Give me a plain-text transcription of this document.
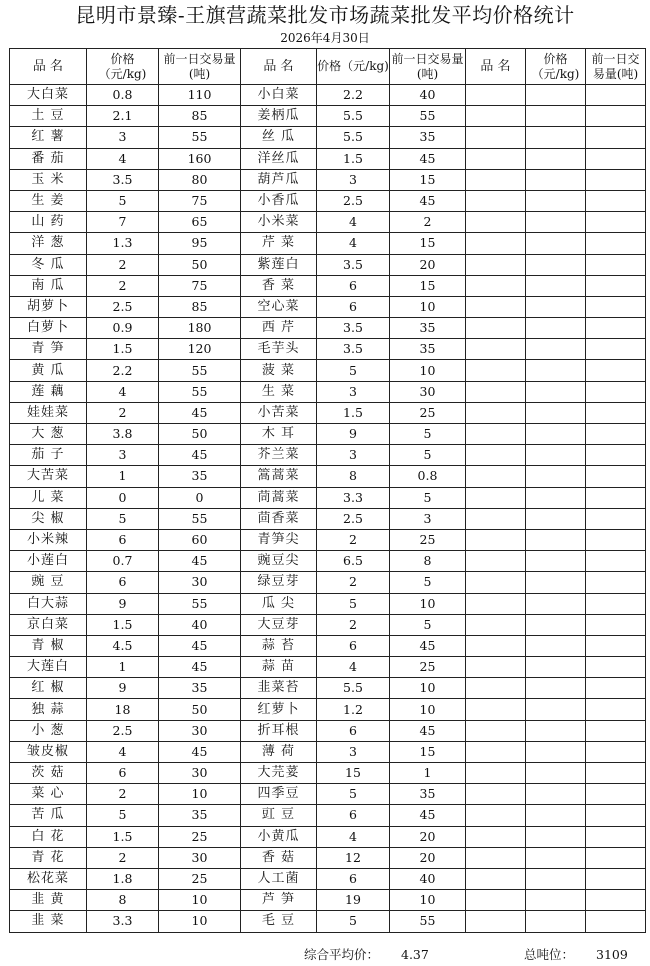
昆明市景臻-王旗营蔬菜批发市场蔬菜批发平均价格统计
2026年4月30日
品 名	价格（元/kg)	前一日交易量(吨)	品 名	价格（元/kg)	前一日交易量(吨)	品 名	价格（元/kg)	前一日交易量(吨)
大白菜	0.8	110	小白菜	2.2	40			
土 豆	2.1	85	姜柄瓜	5.5	55			
红 薯	3	55	丝 瓜	5.5	35			
番 茄	4	160	洋丝瓜	1.5	45			
玉 米	3.5	80	葫芦瓜	3	15			
生 姜	5	75	小香瓜	2.5	45			
山 药	7	65	小米菜	4	2			
洋 葱	1.3	95	芹 菜	4	15			
冬 瓜	2	50	紫莲白	3.5	20			
南 瓜	2	75	香 菜	6	15			
胡萝卜	2.5	85	空心菜	6	10			
白萝卜	0.9	180	西 芹	3.5	35			
青 笋	1.5	120	毛芋头	3.5	35			
黄 瓜	2.2	55	菠 菜	5	10			
莲 藕	4	55	生 菜	3	30			
娃娃菜	2	45	小苦菜	1.5	25			
大 葱	3.8	50	木 耳	9	5			
茄 子	3	45	芥兰菜	3	5			
大苦菜	1	35	篙蒿菜	8	0.8			
儿 菜	0	0	茼蒿菜	3.3	5			
尖 椒	5	55	茴香菜	2.5	3			
小米辣	6	60	青笋尖	2	25			
小莲白	0.7	45	豌豆尖	6.5	8			
豌 豆	6	30	绿豆芽	2	5			
白大蒜	9	55	瓜 尖	5	10			
京白菜	1.5	40	大豆芽	2	5			
青 椒	4.5	45	蒜 苔	6	45			
大莲白	1	45	蒜 苗	4	25			
红 椒	9	35	韭菜苔	5.5	10			
独 蒜	18	50	红萝卜	1.2	10			
小 葱	2.5	30	折耳根	6	45			
皱皮椒	4	45	薄 荷	3	15			
茨 菇	6	30	大芫荽	15	1			
菜 心	2	10	四季豆	5	35			
苦 瓜	5	35	豇 豆	6	45			
白 花	1.5	25	小黄瓜	4	20			
青 花	2	30	香 菇	12	20			
松花菜	1.8	25	人工菌	6	40			
韭 黄	8	10	芦 笋	19	10			
韭 菜	3.3	10	毛 豆	5	55			
综合平均价： 4.37	总吨位： 3109
